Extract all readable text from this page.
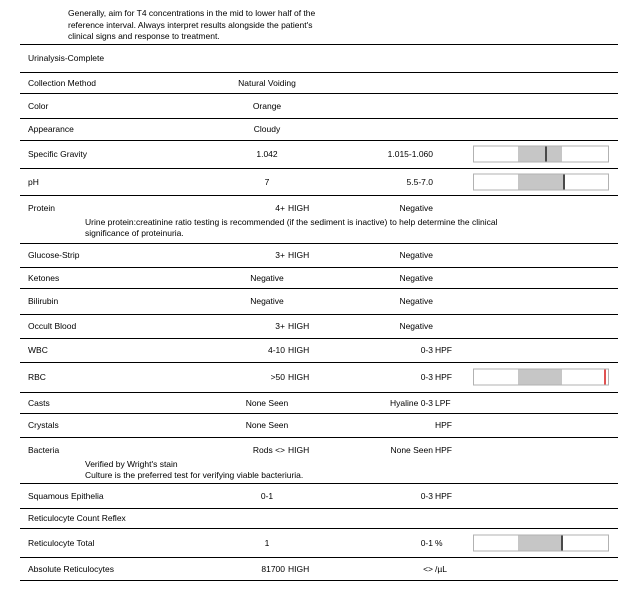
Generally, aim for T4 concentrations in the mid to lower half of the
reference interval. Always interpret results alongside the patient's
clinical signs and response to treatment.
Urinalysis-Complete
Collection Method	Natural Voiding
Color	Orange
Appearance	Cloudy
Specific Gravity	1.042	1.015-1.060
pH	7	5.5-7.0
Protein	4+ HIGH	Negative
Urine protein:creatinine ratio testing is recommended (if the sediment is inactive) to help determine the clinical
significance of proteinuria.
Glucose-Strip	3+ HIGH	Negative
Ketones	Negative	Negative
Bilirubin	Negative	Negative
Occult Blood	3+ HIGH	Negative
WBC	4-10 HIGH	0-3 HPF
RBC	>50 HIGH	0-3 HPF
Casts	None Seen	Hyaline 0-3 LPF
Crystals	None Seen	HPF
Bacteria	Rods <> HIGH	None Seen HPF
Verified by Wright's stain
Culture is the preferred test for verifying viable bacteriuria.
Squamous Epithelia	0-1	0-3 HPF
Reticulocyte Count Reflex
Reticulocyte Total	1	0-1 %
Absolute Reticulocytes	81700 HIGH	<> /µL
